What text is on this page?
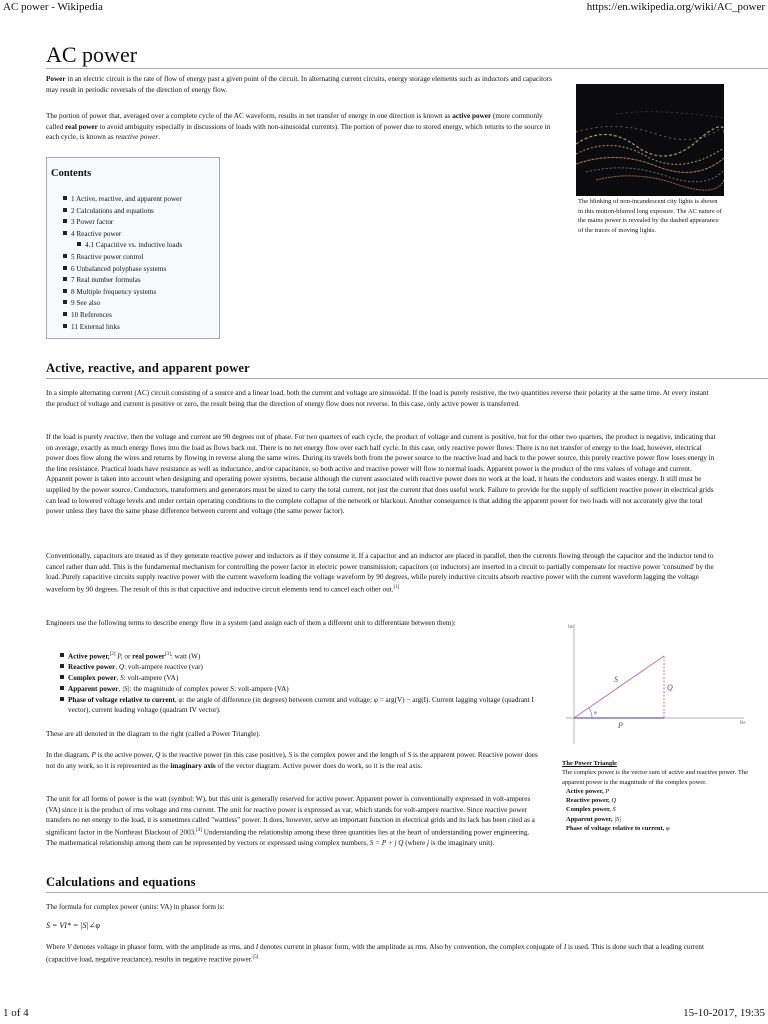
AC power - Wikipedia	https://en.wikipedia.org/wiki/AC_power
AC power

Power in an electric circuit is the rate of flow of energy past a given point of the circuit. In alternating current circuits, energy storage elements such as inductors and capacitors may result in periodic reversals of the direction of energy flow.

The portion of power that, averaged over a complete cycle of the AC waveform, results in net transfer of energy in one direction is known as active power (more commonly called real power to avoid ambiguity especially in discussions of loads with non-sinusoidal currents). The portion of power due to stored energy, which returns to the source in each cycle, is known as reactive power.

Contents
1 Active, reactive, and apparent power
2 Calculations and equations
3 Power factor
4 Reactive power
4.1 Capacitive vs. inductive loads
5 Reactive power control
6 Unbalanced polyphase systems
7 Real number formulas
8 Multiple frequency systems
9 See also
10 References
11 External links
The blinking of non-incandescent city lights is shown in this motion-blurred long exposure. The AC nature of the mains power is revealed by the dashed appearance of the traces of moving lights.
Active, reactive, and apparent power

In a simple alternating current (AC) circuit consisting of a source and a linear load, both the current and voltage are sinusoidal. If the load is purely resistive, the two quantities reverse their polarity at the same time. At every instant the product of voltage and current is positive or zero, the result being that the direction of energy flow does not reverse. In this case, only active power is transferred.

If the load is purely reactive, then the voltage and current are 90 degrees out of phase. For two quarters of each cycle, the product of voltage and current is positive, but for the other two quarters, the product is negative, indicating that on average, exactly as much energy flows into the load as flows back out. There is no net energy flow over each half cycle. In this case, only reactive power flows: There is no net transfer of energy to the load, however, electrical power does flow along the wires and returns by flowing in reverse along the same wires. During its travels both from the power source to the reactive load and back to the power source, this purely reactive power flow loses energy in the line resistance. Practical loads have resistance as well as inductance, and/or capacitance, so both active and reactive power will flow to normal loads. Apparent power is the product of the rms values of voltage and current. Apparent power is taken into account when designing and operating power systems, because although the current associated with reactive power does no work at the load, it heats the conductors and wastes energy. It still must be supplied by the power source. Conductors, transformers and generators must be sized to carry the total current, not just the current that does useful work. Failure to provide for the supply of sufficient reactive power in electrical grids can lead to lowered voltage levels and under certain operating conditions to the complete collapse of the network or blackout. Another consequence is that adding the apparent power for two loads will not accurately give the total power unless they have the same phase difference between current and voltage (the same power factor).

Conventionally, capacitors are treated as if they generate reactive power and inductors as if they consume it. If a capacitor and an inductor are placed in parallel, then the currents flowing through the capacitor and the inductor tend to cancel rather than add. This is the fundamental mechanism for controlling the power factor in electric power transmission; capacitors (or inductors) are inserted in a circuit to partially compensate for reactive power 'consumed' by the load. Purely capacitive circuits supply reactive power with the current waveform leading the voltage waveform by 90 degrees, while purely inductive circuits absorb reactive power with the current waveform lagging the voltage waveform by 90 degrees. The result of this is that capacitive and inductive circuit elements tend to cancel each other out.[1]

Engineers use the following terms to describe energy flow in a system (and assign each of them a different unit to differentiate between them):

Active power,[2] P, or real power[3]: watt (W)
Reactive power, Q: volt-ampere reactive (var)
Complex power, S: volt-ampere (VA)
Apparent power, |S|: the magnitude of complex power S: volt-ampere (VA)
Phase of voltage relative to current, φ: the angle of difference (in degrees) between current and voltage; φ = arg(V) − arg(I). Current lagging voltage (quadrant I vector), current leading voltage (quadrant IV vector).
Im
Re
S
Q
P
φ
The Power Triangle
The complex power is the vector sum of active and reactive power. The apparent power is the magnitude of the complex power.
Active power, P
Reactive power, Q
Complex power, S
Apparent power, |S|
Phase of voltage relative to current, φ

These are all denoted in the diagram to the right (called a Power Triangle).

In the diagram, P is the active power, Q is the reactive power (in this case positive), S is the complex power and the length of S is the apparent power. Reactive power does not do any work, so it is represented as the imaginary axis of the vector diagram. Active power does do work, so it is the real axis.

The unit for all forms of power is the watt (symbol: W), but this unit is generally reserved for active power. Apparent power is conventionally expressed in volt-amperes (VA) since it is the product of rms voltage and rms current. The unit for reactive power is expressed as var, which stands for volt-ampere reactive. Since reactive power transfers no net energy to the load, it is sometimes called "wattless" power. It does, however, serve an important function in electrical grids and its lack has been cited as a significant factor in the Northeast Blackout of 2003.[4] Understanding the relationship among these three quantities lies at the heart of understanding power engineering. The mathematical relationship among them can be represented by vectors or expressed using complex numbers, S = P + j Q (where j is the imaginary unit).

Calculations and equations

The formula for complex power (units: VA) in phasor form is:

S = VI* = |S|∠φ

Where V denotes voltage in phasor form, with the amplitude as rms, and I denotes current in phasor form, with the amplitude as rms. Also by convention, the complex conjugate of I is used. This is done such that a leading current (capacitive load, negative reactance), results in negative reactive power.[5]

1 of 4	15-10-2017, 19:35
